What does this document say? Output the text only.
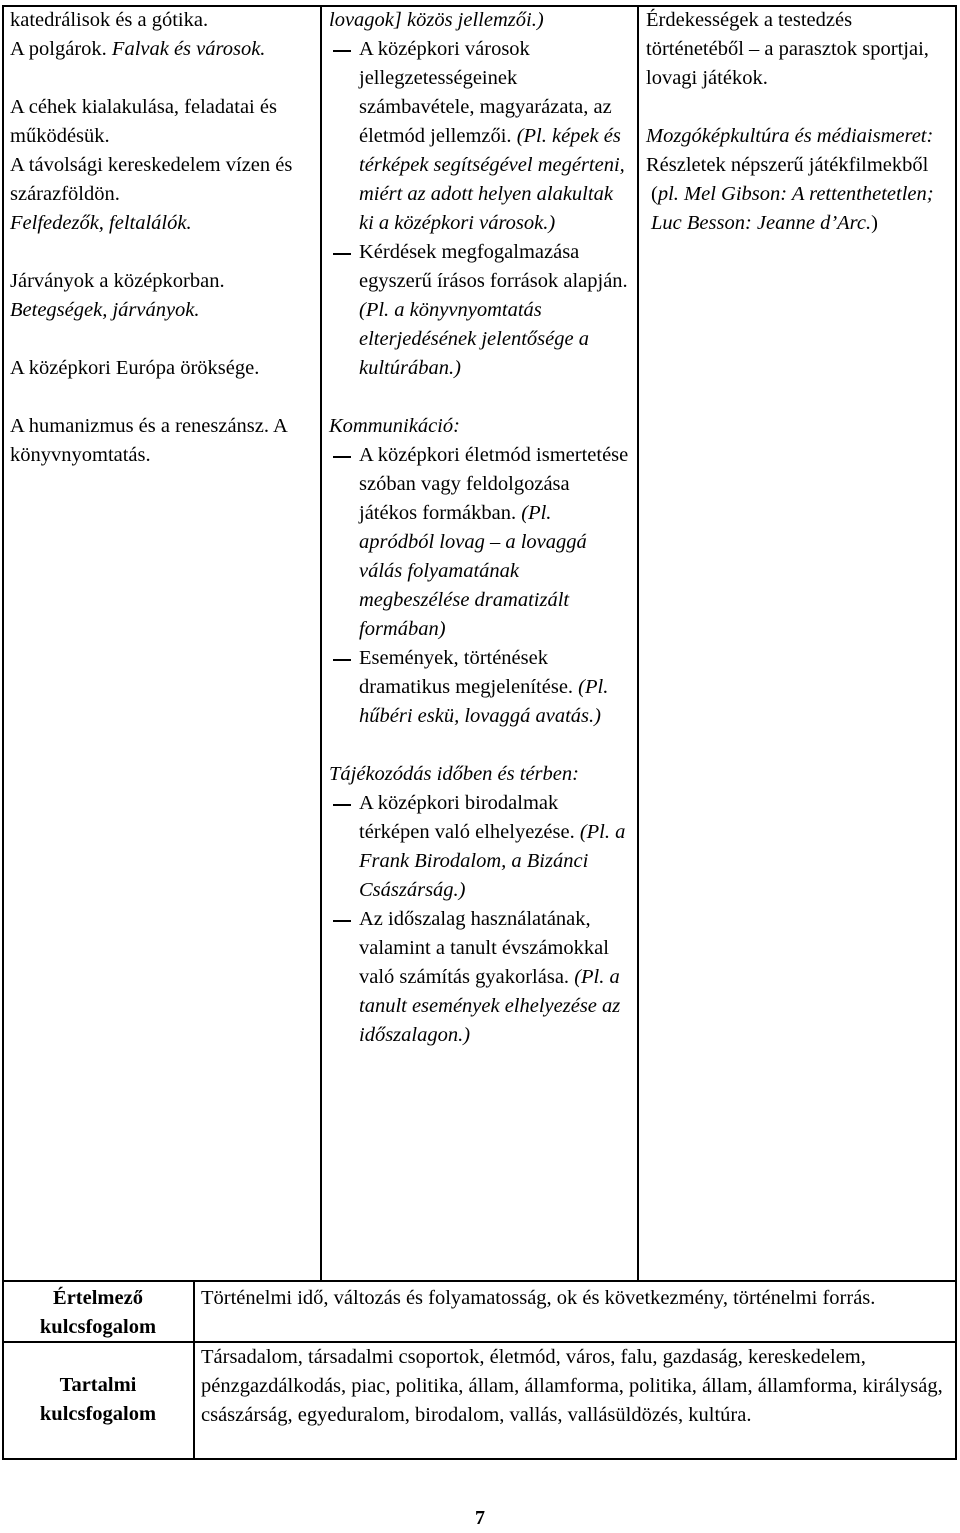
katedrálisok és a gótika.

A polgárok. Falvak és városok.

A céhek kialakulása, feladatai és működésük.

A távolsági kereskedelem vízen és szárazföldön.

Felfedezők, feltalálók.

Járványok a középkorban.

Betegségek, járványok.

A középkori Európa öröksége.

A humanizmus és a reneszánsz. A könyvnyomtatás.

lovagok] közös jellemzői.)

A középkori városok jellegzetességeinek számbavétele, magyarázata, az életmód jellemzői. (Pl. képek és térképek segítségével megérteni, miért az adott helyen alakultak ki a középkori városok.)

Kérdések megfogalmazása egyszerű írásos források alapján. (Pl. a könyvnyomtatás elterjedésének jelentősége a kultúrában.)

Kommunikáció:

A középkori életmód ismertetése szóban vagy feldolgozása játékos formákban. (Pl. apródból lovag – a lovaggá válás folyamatának megbeszélése dramatizált formában)

Események, történések dramatikus megjelenítése. (Pl. hűbéri eskü, lovaggá avatás.)

Tájékozódás időben és térben:

A középkori birodalmak térképen való elhelyezése. (Pl. a Frank Birodalom, a Bizánci Császárság.)

Az időszalag használatának, valamint a tanult évszámokkal való számítás gyakorlása. (Pl. a tanult események elhelyezése az időszalagon.)

Érdekességek a testedzés történetéből – a parasztok sportjai, lovagi játékok.

Mozgóképkultúra és médiaismeret:

Részletek népszerű játékfilmekből (pl. Mel Gibson: A rettenthetetlen; Luc Besson: Jeanne d’Arc.)

Értelmező kulcsfogalom
Történelmi idő, változás és folyamatosság, ok és következmény, történelmi forrás.
Tartalmi kulcsfogalom
Társadalom, társadalmi csoportok, életmód, város, falu, gazdaság, kereskedelem, pénzgazdálkodás, piac, politika, állam, államforma, politika, állam, államforma, királyság, császárság, egyeduralom, birodalom, vallás, vallásüldözés, kultúra.
7
